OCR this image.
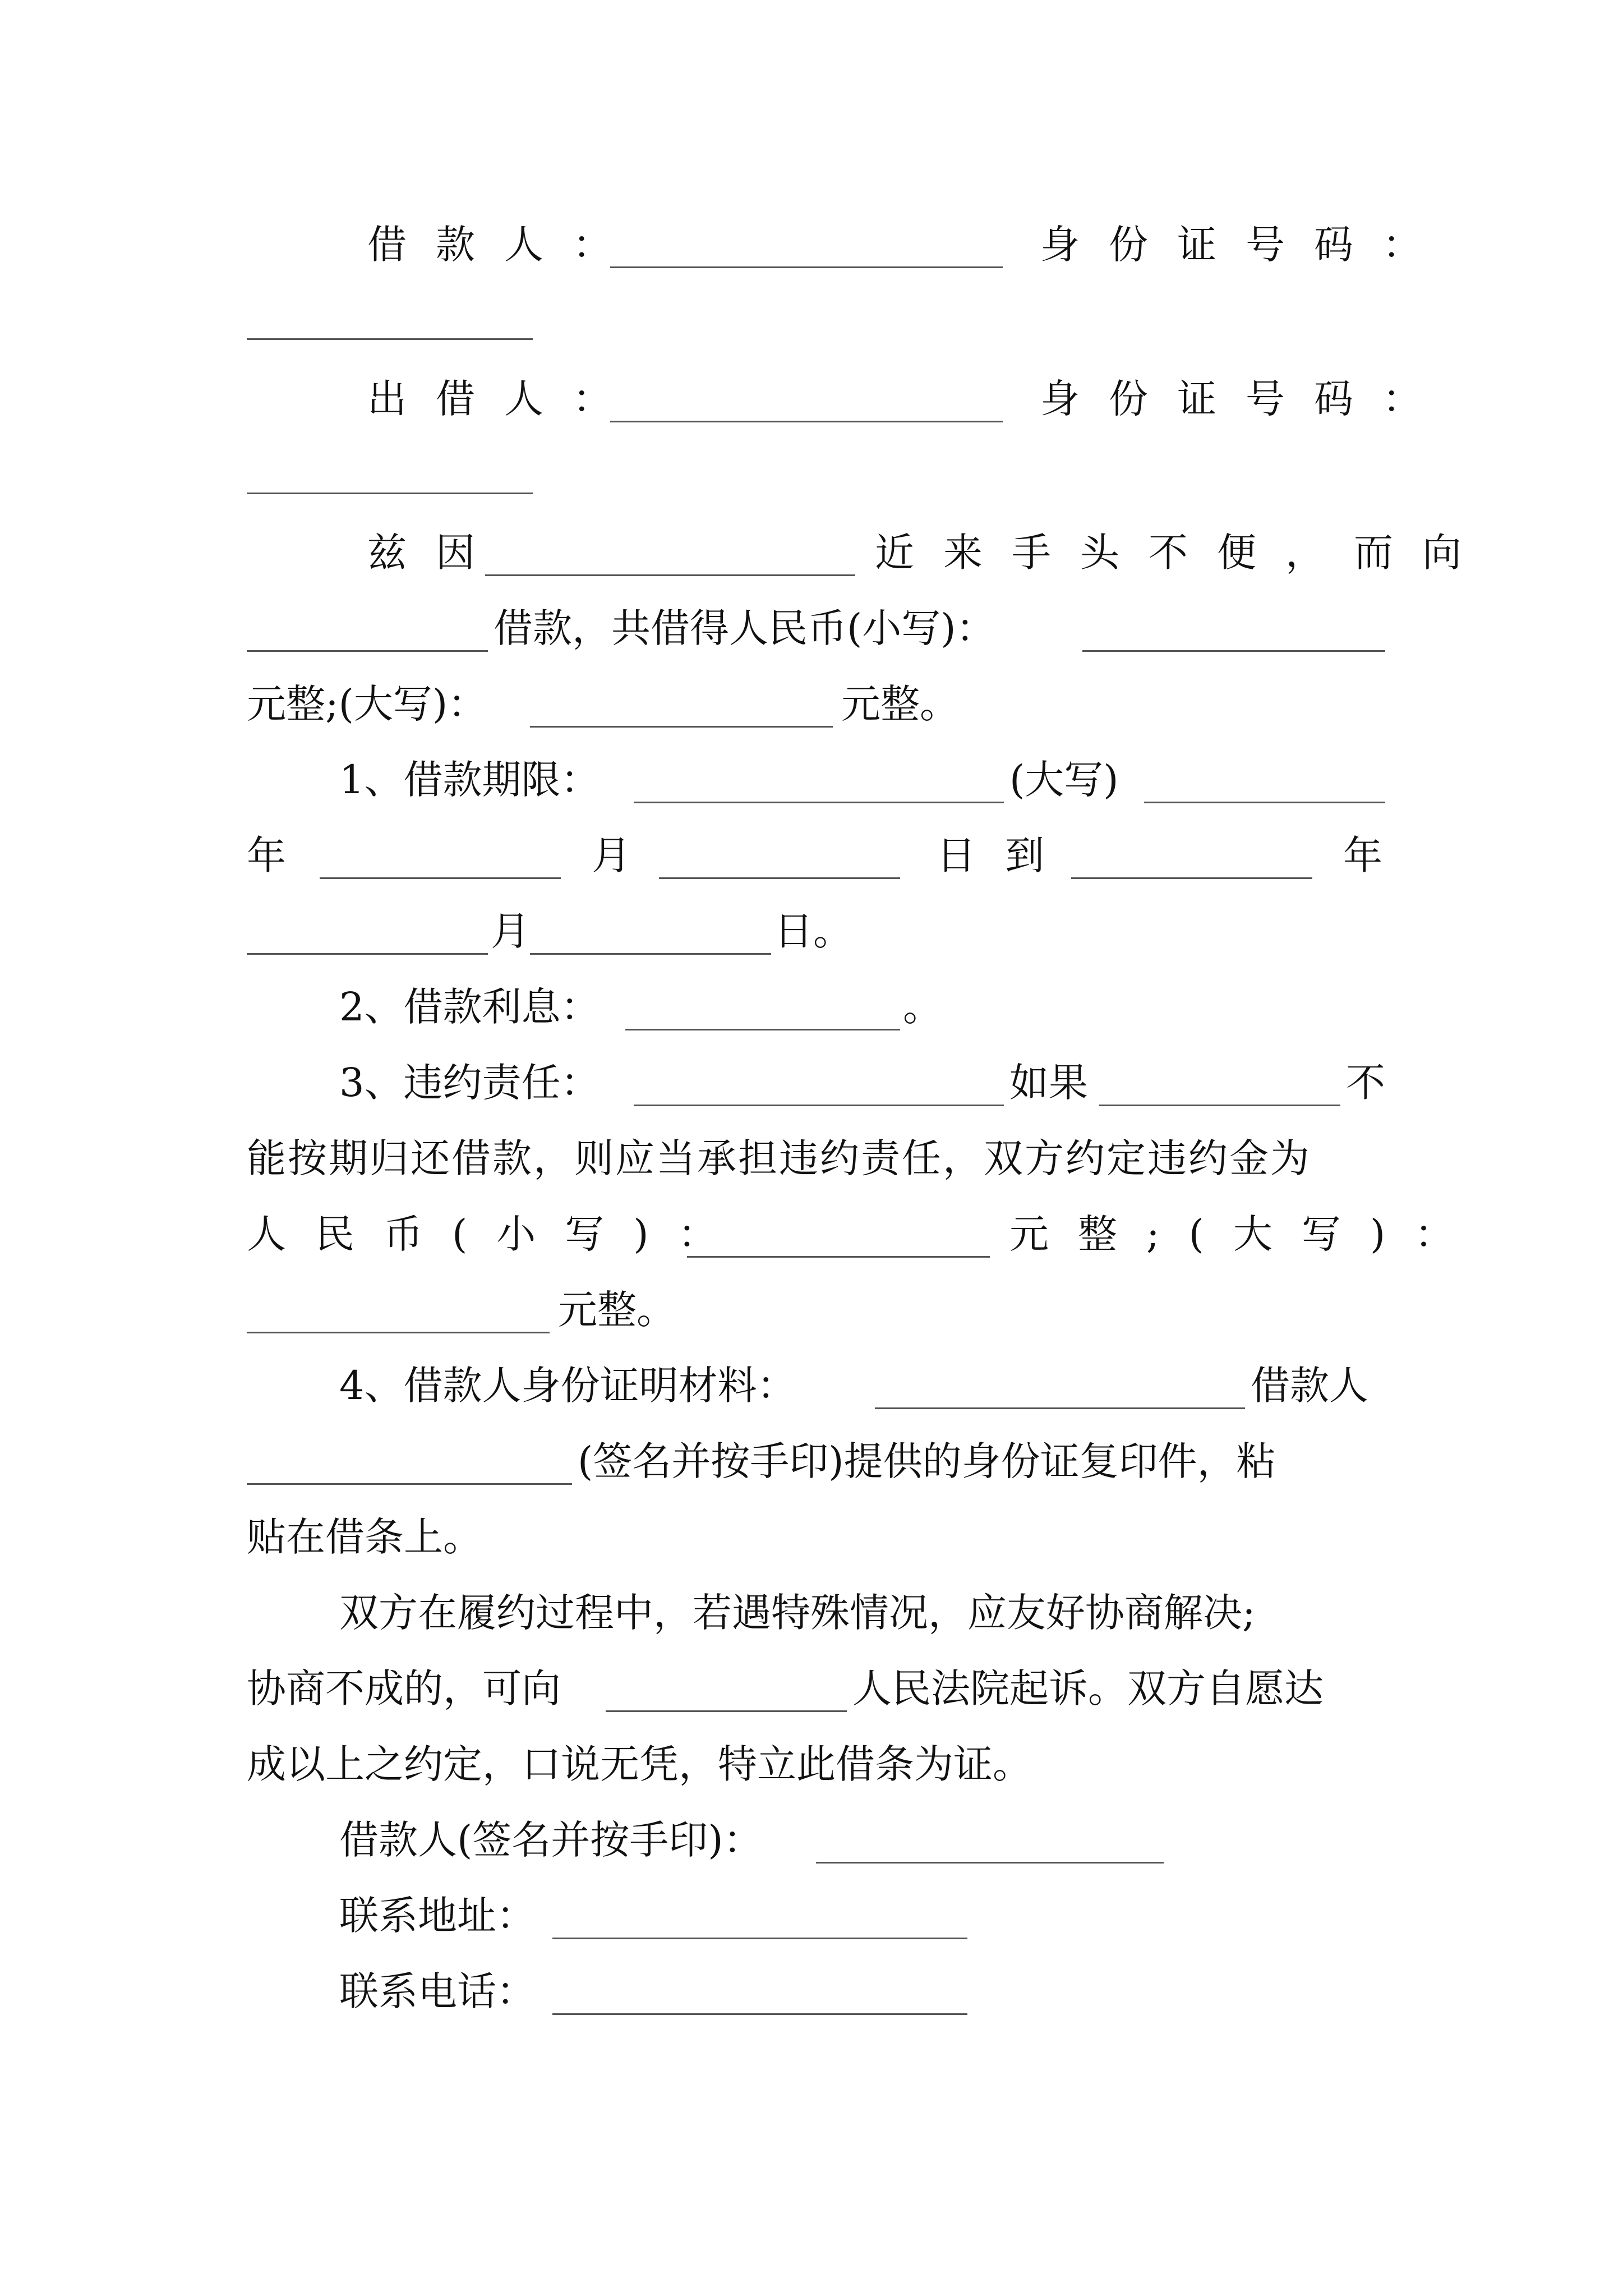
借款人：	身份证号码：
出借人：	身份证号码：
兹因	近来手头不便，而向
借款，共借得人民币(小写)：
元整;(大写)：	元整。
1、借款期限：	(大写)
年	月	日到	年
月	日。
2、借款利息：	。
3、违约责任：	如果	不
能按期归还借款，则应当承担违约责任，双方约定违约金为
人民币(小写)：	元整;(大写)：
元整。
4、借款人身份证明材料：	借款人
(签名并按手印)提供的身份证复印件，粘
贴在借条上。
双方在履约过程中，若遇特殊情况，应友好协商解决;
协商不成的，可向	人民法院起诉。双方自愿达
成以上之约定，口说无凭，特立此借条为证。
借款人(签名并按手印)：
联系地址：
联系电话：
